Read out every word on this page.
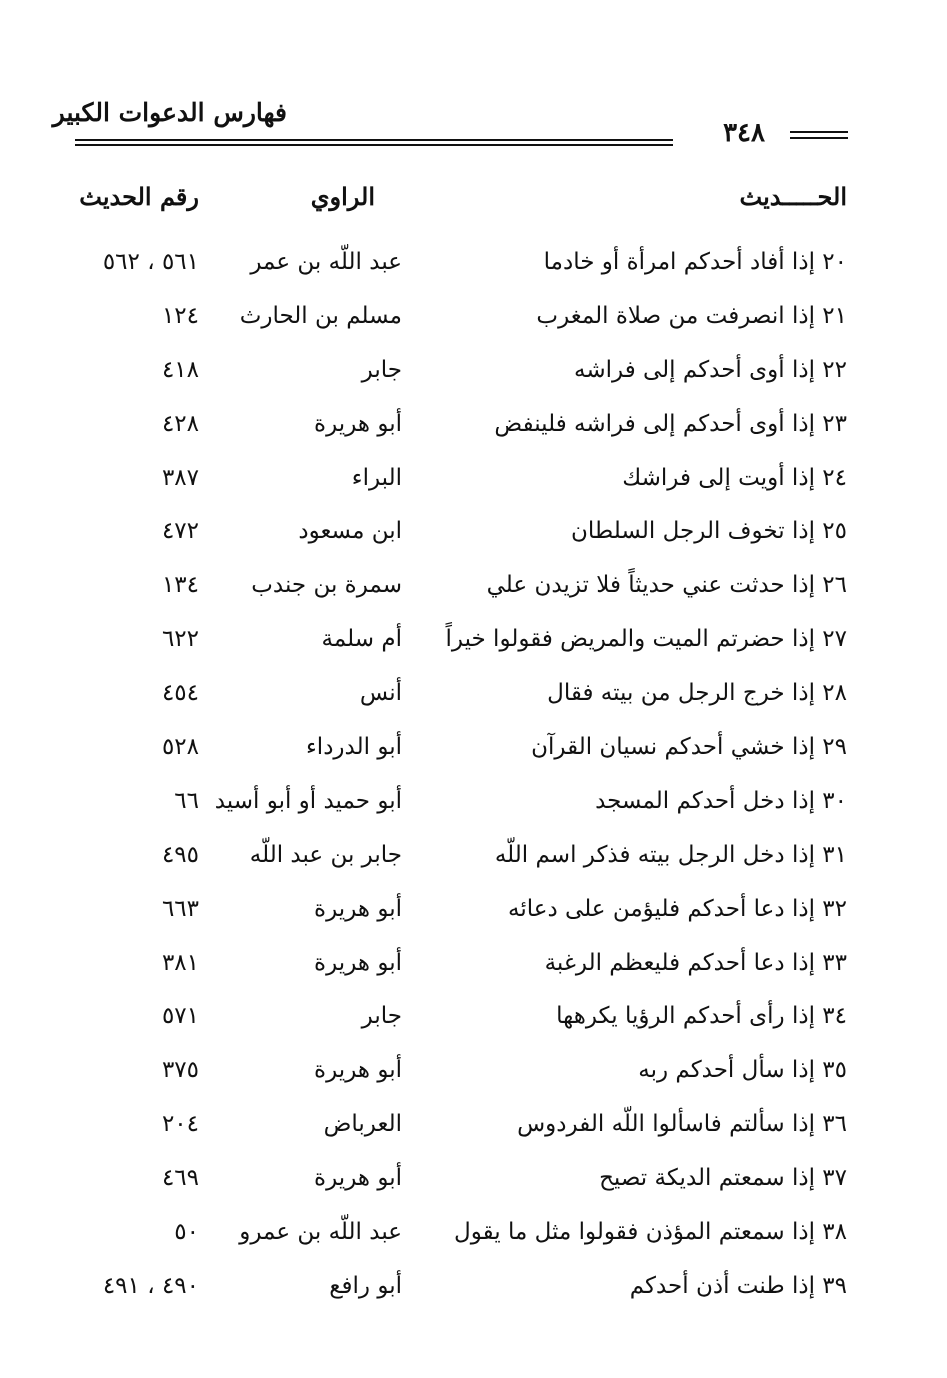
فهارس الدعوات الكبير
٣٤٨
الحـــــديث
الراوي
رقم الحديث
٢٠ إذا أفاد أحدكم امرأة أو خادما
عبد اللّه بن عمر
٥٦١ ، ٥٦٢
٢١ إذا انصرفت من صلاة المغرب
مسلم بن الحارث
١٢٤
٢٢ إذا أوى أحدكم إلى فراشه
جابر
٤١٨
٢٣ إذا أوى أحدكم إلى فراشه فلينفض
أبو هريرة
٤٢٨
٢٤ إذا أويت إلى فراشك
البراء
٣٨٧
٢٥ إذا تخوف الرجل السلطان
ابن مسعود
٤٧٢
٢٦ إذا حدثت عني حديثاً فلا تزيدن علي
سمرة بن جندب
١٣٤
٢٧ إذا حضرتم الميت والمريض فقولوا خيراً
أم سلمة
٦٢٢
٢٨ إذا خرج الرجل من بيته فقال
أنس
٤٥٤
٢٩ إذا خشي أحدكم نسيان القرآن
أبو الدرداء
٥٢٨
٣٠ إذا دخل أحدكم المسجد
أبو حميد أو أبو أسيد
٦٦
٣١ إذا دخل الرجل بيته فذكر اسم اللّه
جابر بن عبد اللّه
٤٩٥
٣٢ إذا دعا أحدكم فليؤمن على دعائه
أبو هريرة
٦٦٣
٣٣ إذا دعا أحدكم فليعظم الرغبة
أبو هريرة
٣٨١
٣٤ إذا رأى أحدكم الرؤيا يكرهها
جابر
٥٧١
٣٥ إذا سأل أحدكم ربه
أبو هريرة
٣٧٥
٣٦ إذا سألتم فاسألوا اللّه الفردوس
العرباض
٢٠٤
٣٧ إذا سمعتم الديكة تصيح
أبو هريرة
٤٦٩
٣٨ إذا سمعتم المؤذن فقولوا مثل ما يقول
عبد اللّه بن عمرو
٥٠
٣٩ إذا طنت أذن أحدكم
أبو رافع
٤٩٠ ، ٤٩١
